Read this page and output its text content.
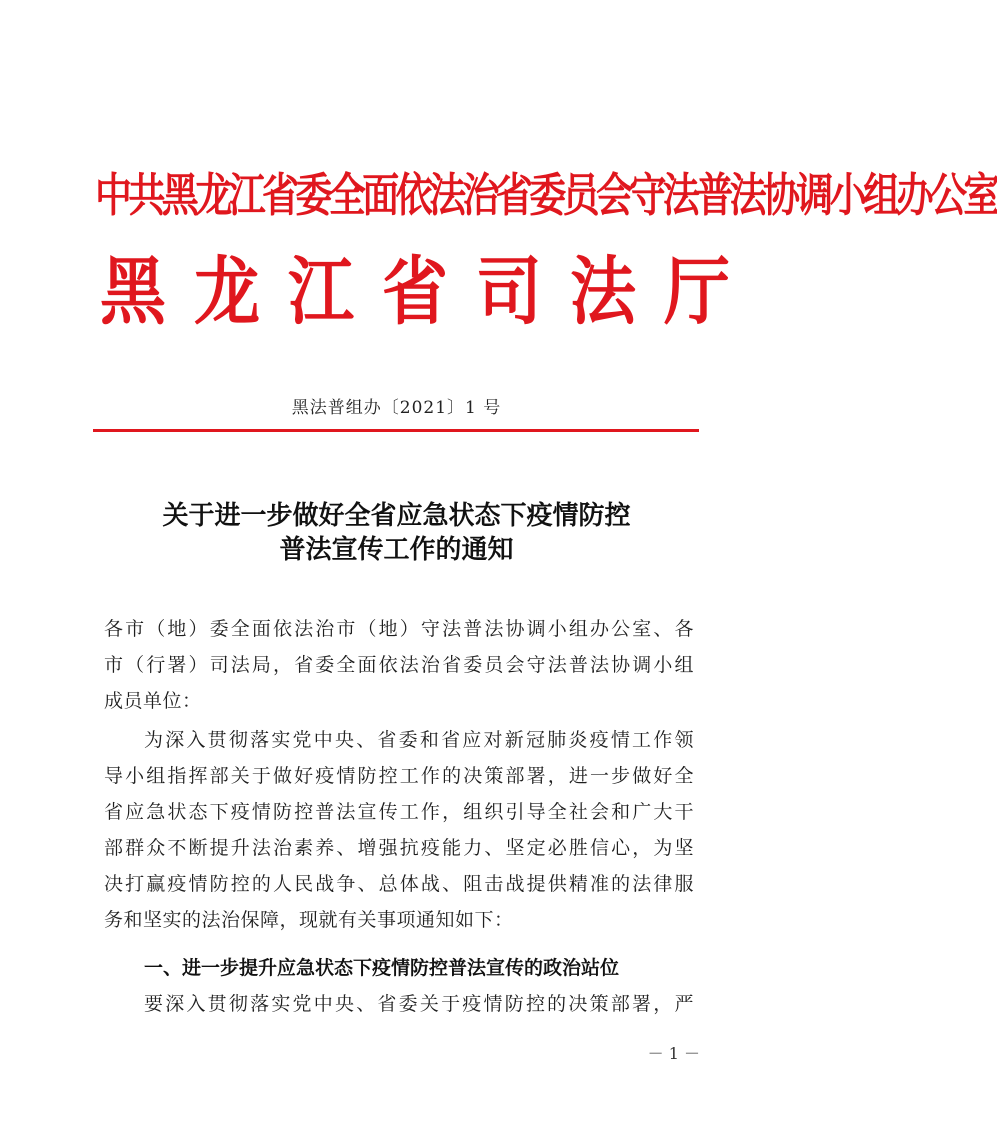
中共黑龙江省委全面依法治省委员会守法普法协调小组办公室
黑龙江省司法厅
黑法普组办〔2021〕1 号
关于进一步做好全省应急状态下疫情防控
普法宣传工作的通知
各市（地）委全面依法治市（地）守法普法协调小组办公室、各
市（行署）司法局，省委全面依法治省委员会守法普法协调小组
成员单位：
为深入贯彻落实党中央、省委和省应对新冠肺炎疫情工作领
导小组指挥部关于做好疫情防控工作的决策部署，进一步做好全
省应急状态下疫情防控普法宣传工作，组织引导全社会和广大干
部群众不断提升法治素养、增强抗疫能力、坚定必胜信心，为坚
决打赢疫情防控的人民战争、总体战、阻击战提供精准的法律服
务和坚实的法治保障，现就有关事项通知如下：
一、进一步提升应急状态下疫情防控普法宣传的政治站位
要深入贯彻落实党中央、省委关于疫情防控的决策部署，严
－ 1 －
